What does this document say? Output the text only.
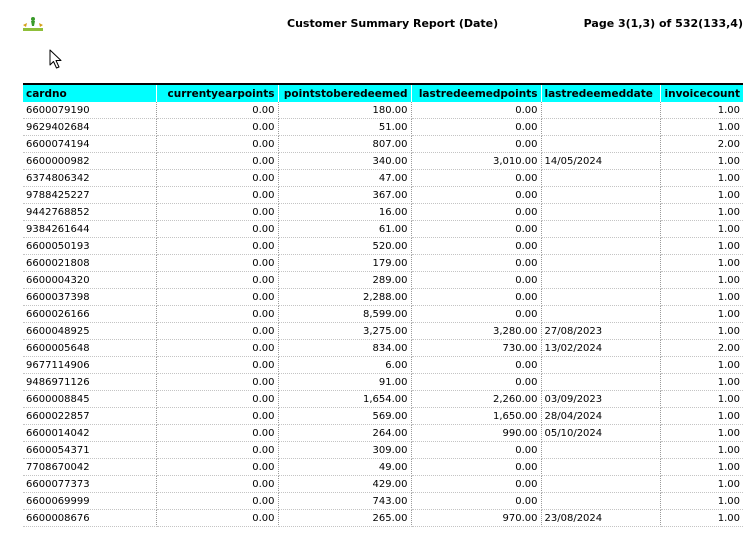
Customer Summary Report (Date)	Page 3(1,3) of 532(133,4)
cardno	currentyearpoints	pointstoberedeemed	lastredeemedpoints	lastredeemeddate	invoicecount
6600079190	0.00	180.00	0.00		1.00
9629402684	0.00	51.00	0.00		1.00
6600074194	0.00	807.00	0.00		2.00
6600000982	0.00	340.00	3,010.00	14/05/2024	1.00
6374806342	0.00	47.00	0.00		1.00
9788425227	0.00	367.00	0.00		1.00
9442768852	0.00	16.00	0.00		1.00
9384261644	0.00	61.00	0.00		1.00
6600050193	0.00	520.00	0.00		1.00
6600021808	0.00	179.00	0.00		1.00
6600004320	0.00	289.00	0.00		1.00
6600037398	0.00	2,288.00	0.00		1.00
6600026166	0.00	8,599.00	0.00		1.00
6600048925	0.00	3,275.00	3,280.00	27/08/2023	1.00
6600005648	0.00	834.00	730.00	13/02/2024	2.00
9677114906	0.00	6.00	0.00		1.00
9486971126	0.00	91.00	0.00		1.00
6600008845	0.00	1,654.00	2,260.00	03/09/2023	1.00
6600022857	0.00	569.00	1,650.00	28/04/2024	1.00
6600014042	0.00	264.00	990.00	05/10/2024	1.00
6600054371	0.00	309.00	0.00		1.00
7708670042	0.00	49.00	0.00		1.00
6600077373	0.00	429.00	0.00		1.00
6600069999	0.00	743.00	0.00		1.00
6600008676	0.00	265.00	970.00	23/08/2024	1.00
